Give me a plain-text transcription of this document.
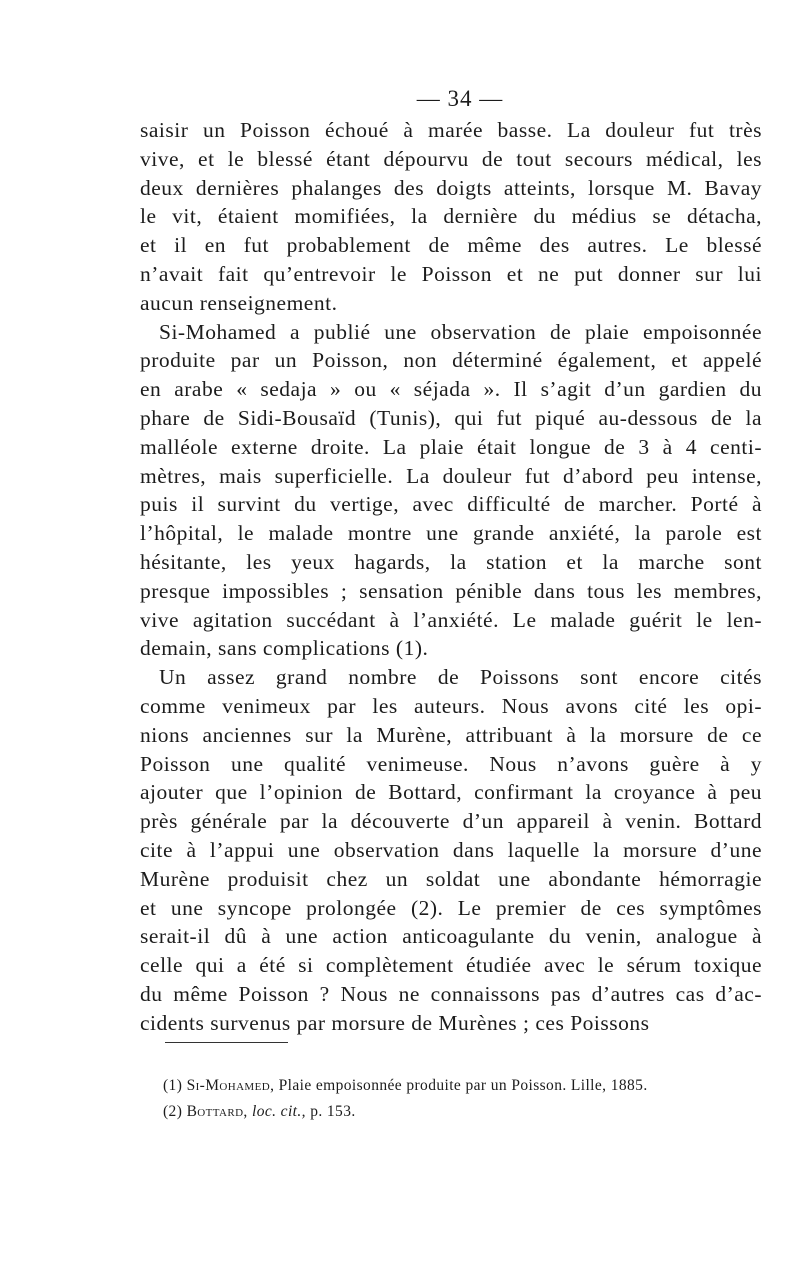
— 34 —
saisir un Poisson échoué à marée basse. La douleur fut très
vive, et le blessé étant dépourvu de tout secours médical, les
deux dernières phalanges des doigts atteints, lorsque M. Bavay
le vit, étaient momifiées, la dernière du médius se détacha,
et il en fut probablement de même des autres. Le blessé
n’avait fait qu’entrevoir le Poisson et ne put donner sur lui
aucun renseignement.
Si-Mohamed a publié une observation de plaie empoisonnée
produite par un Poisson, non déterminé également, et appelé
en arabe « sedaja » ou « séjada ». Il s’agit d’un gardien du
phare de Sidi-Bousaïd (Tunis), qui fut piqué au-dessous de la
malléole externe droite. La plaie était longue de 3 à 4 centi-
mètres, mais superficielle. La douleur fut d’abord peu intense,
puis il survint du vertige, avec difficulté de marcher. Porté à
l’hôpital, le malade montre une grande anxiété, la parole est
hésitante, les yeux hagards, la station et la marche sont
presque impossibles ; sensation pénible dans tous les membres,
vive agitation succédant à l’anxiété. Le malade guérit le len-
demain, sans complications (1).
Un assez grand nombre de Poissons sont encore cités
comme venimeux par les auteurs. Nous avons cité les opi-
nions anciennes sur la Murène, attribuant à la morsure de ce
Poisson une qualité venimeuse. Nous n’avons guère à y
ajouter que l’opinion de Bottard, confirmant la croyance à peu
près générale par la découverte d’un appareil à venin. Bottard
cite à l’appui une observation dans laquelle la morsure d’une
Murène produisit chez un soldat une abondante hémorragie
et une syncope prolongée (2). Le premier de ces symptômes
serait-il dû à une action anticoagulante du venin, analogue à
celle qui a été si complètement étudiée avec le sérum toxique
du même Poisson ? Nous ne connaissons pas d’autres cas d’ac-
cidents survenus par morsure de Murènes ; ces Poissons
(1) Si-Mohamed, Plaie empoisonnée produite par un Poisson. Lille, 1885.
(2) Bottard, loc. cit., p. 153.
